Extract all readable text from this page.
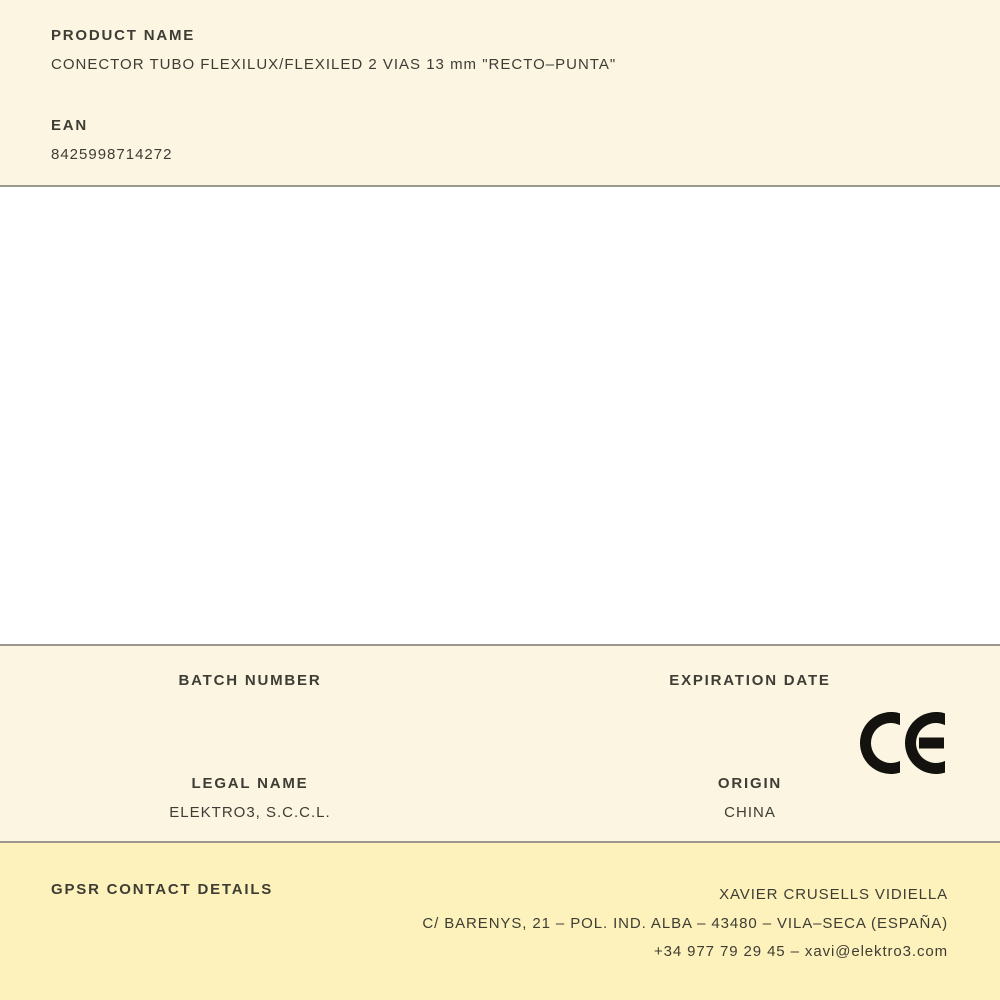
PRODUCT NAME
CONECTOR TUBO FLEXILUX/FLEXILED 2 VIAS 13 mm "RECTO–PUNTA"
EAN
8425998714272
BATCH NUMBER	EXPIRATION DATE
LEGAL NAME
ELEKTRO3, S.C.C.L.
ORIGIN
CHINA
GPSR CONTACT DETAILS	XAVIER CRUSELLS VIDIELLA
C/ BARENYS, 21 – POL. IND. ALBA – 43480 – VILA–SECA (ESPAÑA)
+34 977 79 29 45 – xavi@elektro3.com
